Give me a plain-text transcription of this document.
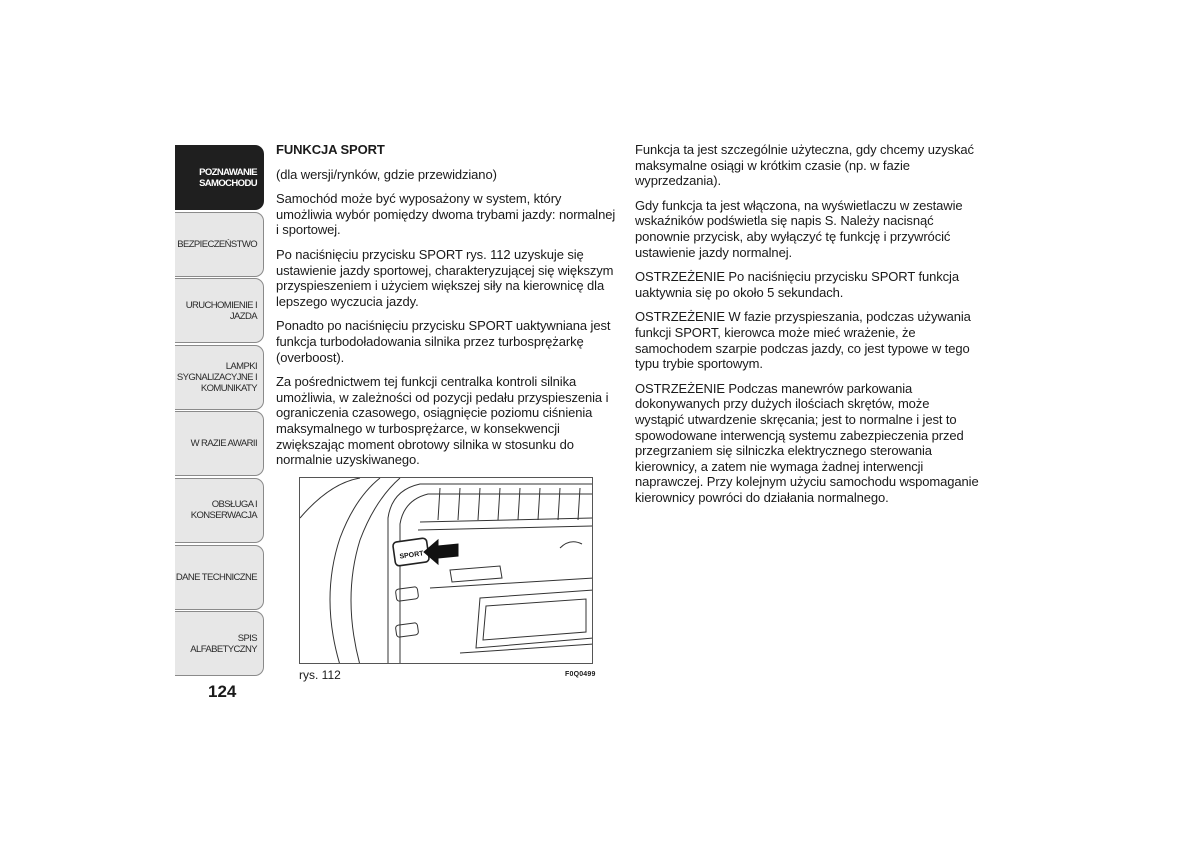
POZNAWANIE SAMOCHODU
BEZPIECZEŃSTWO
URUCHOMIENIE I JAZDA
LAMPKI SYGNALIZACYJNE I KOMUNIKATY
W RAZIE AWARII
OBSŁUGA I KONSERWACJA
DANE TECHNICZNE
SPIS ALFABETYCZNY
124

FUNKCJA SPORT

(dla wersji/rynków, gdzie przewidziano)

Samochód może być wyposażony w system, który umożliwia wybór pomiędzy dwoma trybami jazdy: normalnej i sportowej.

Po naciśnięciu przycisku SPORT rys. 112 uzyskuje się ustawienie jazdy sportowej, charakteryzującej się większym przyspieszeniem i użyciem większej siły na kierownicę dla lepszego wyczucia jazdy.

Ponadto po naciśnięciu przycisku SPORT uaktywniana jest funkcja turbodoładowania silnika przez turbosprężarkę (overboost).

Za pośrednictwem tej funkcji centralka kontroli silnika umożliwia, w zależności od pozycji pedału przyspieszenia i ograniczenia czasowego, osiągnięcie poziomu ciśnienia maksymalnego w turbosprężarce, w konsekwencji zwiększając moment obrotowy silnika w stosunku do normalnie uzyskiwanego.

SPORT
rys. 112	F0Q0499

Funkcja ta jest szczególnie użyteczna, gdy chcemy uzyskać maksymalne osiągi w krótkim czasie (np. w fazie wyprzedzania).

Gdy funkcja ta jest włączona, na wyświetlaczu w zestawie wskaźników podświetla się napis S. Należy nacisnąć ponownie przycisk, aby wyłączyć tę funkcję i przywrócić ustawienie jazdy normalnej.

OSTRZEŻENIE Po naciśnięciu przycisku SPORT funkcja uaktywnia się po około 5 sekundach.

OSTRZEŻENIE W fazie przyspieszania, podczas używania funkcji SPORT, kierowca może mieć wrażenie, że samochodem szarpie podczas jazdy, co jest typowe w tego typu trybie sportowym.

OSTRZEŻENIE Podczas manewrów parkowania dokonywanych przy dużych ilościach skrętów, może wystąpić utwardzenie skręcania; jest to normalne i jest to spowodowane interwencją systemu zabezpieczenia przed przegrzaniem się silniczka elektrycznego sterowania kierownicy, a zatem nie wymaga żadnej interwencji naprawczej. Przy kolejnym użyciu samochodu wspomaganie kierownicy powróci do działania normalnego.
